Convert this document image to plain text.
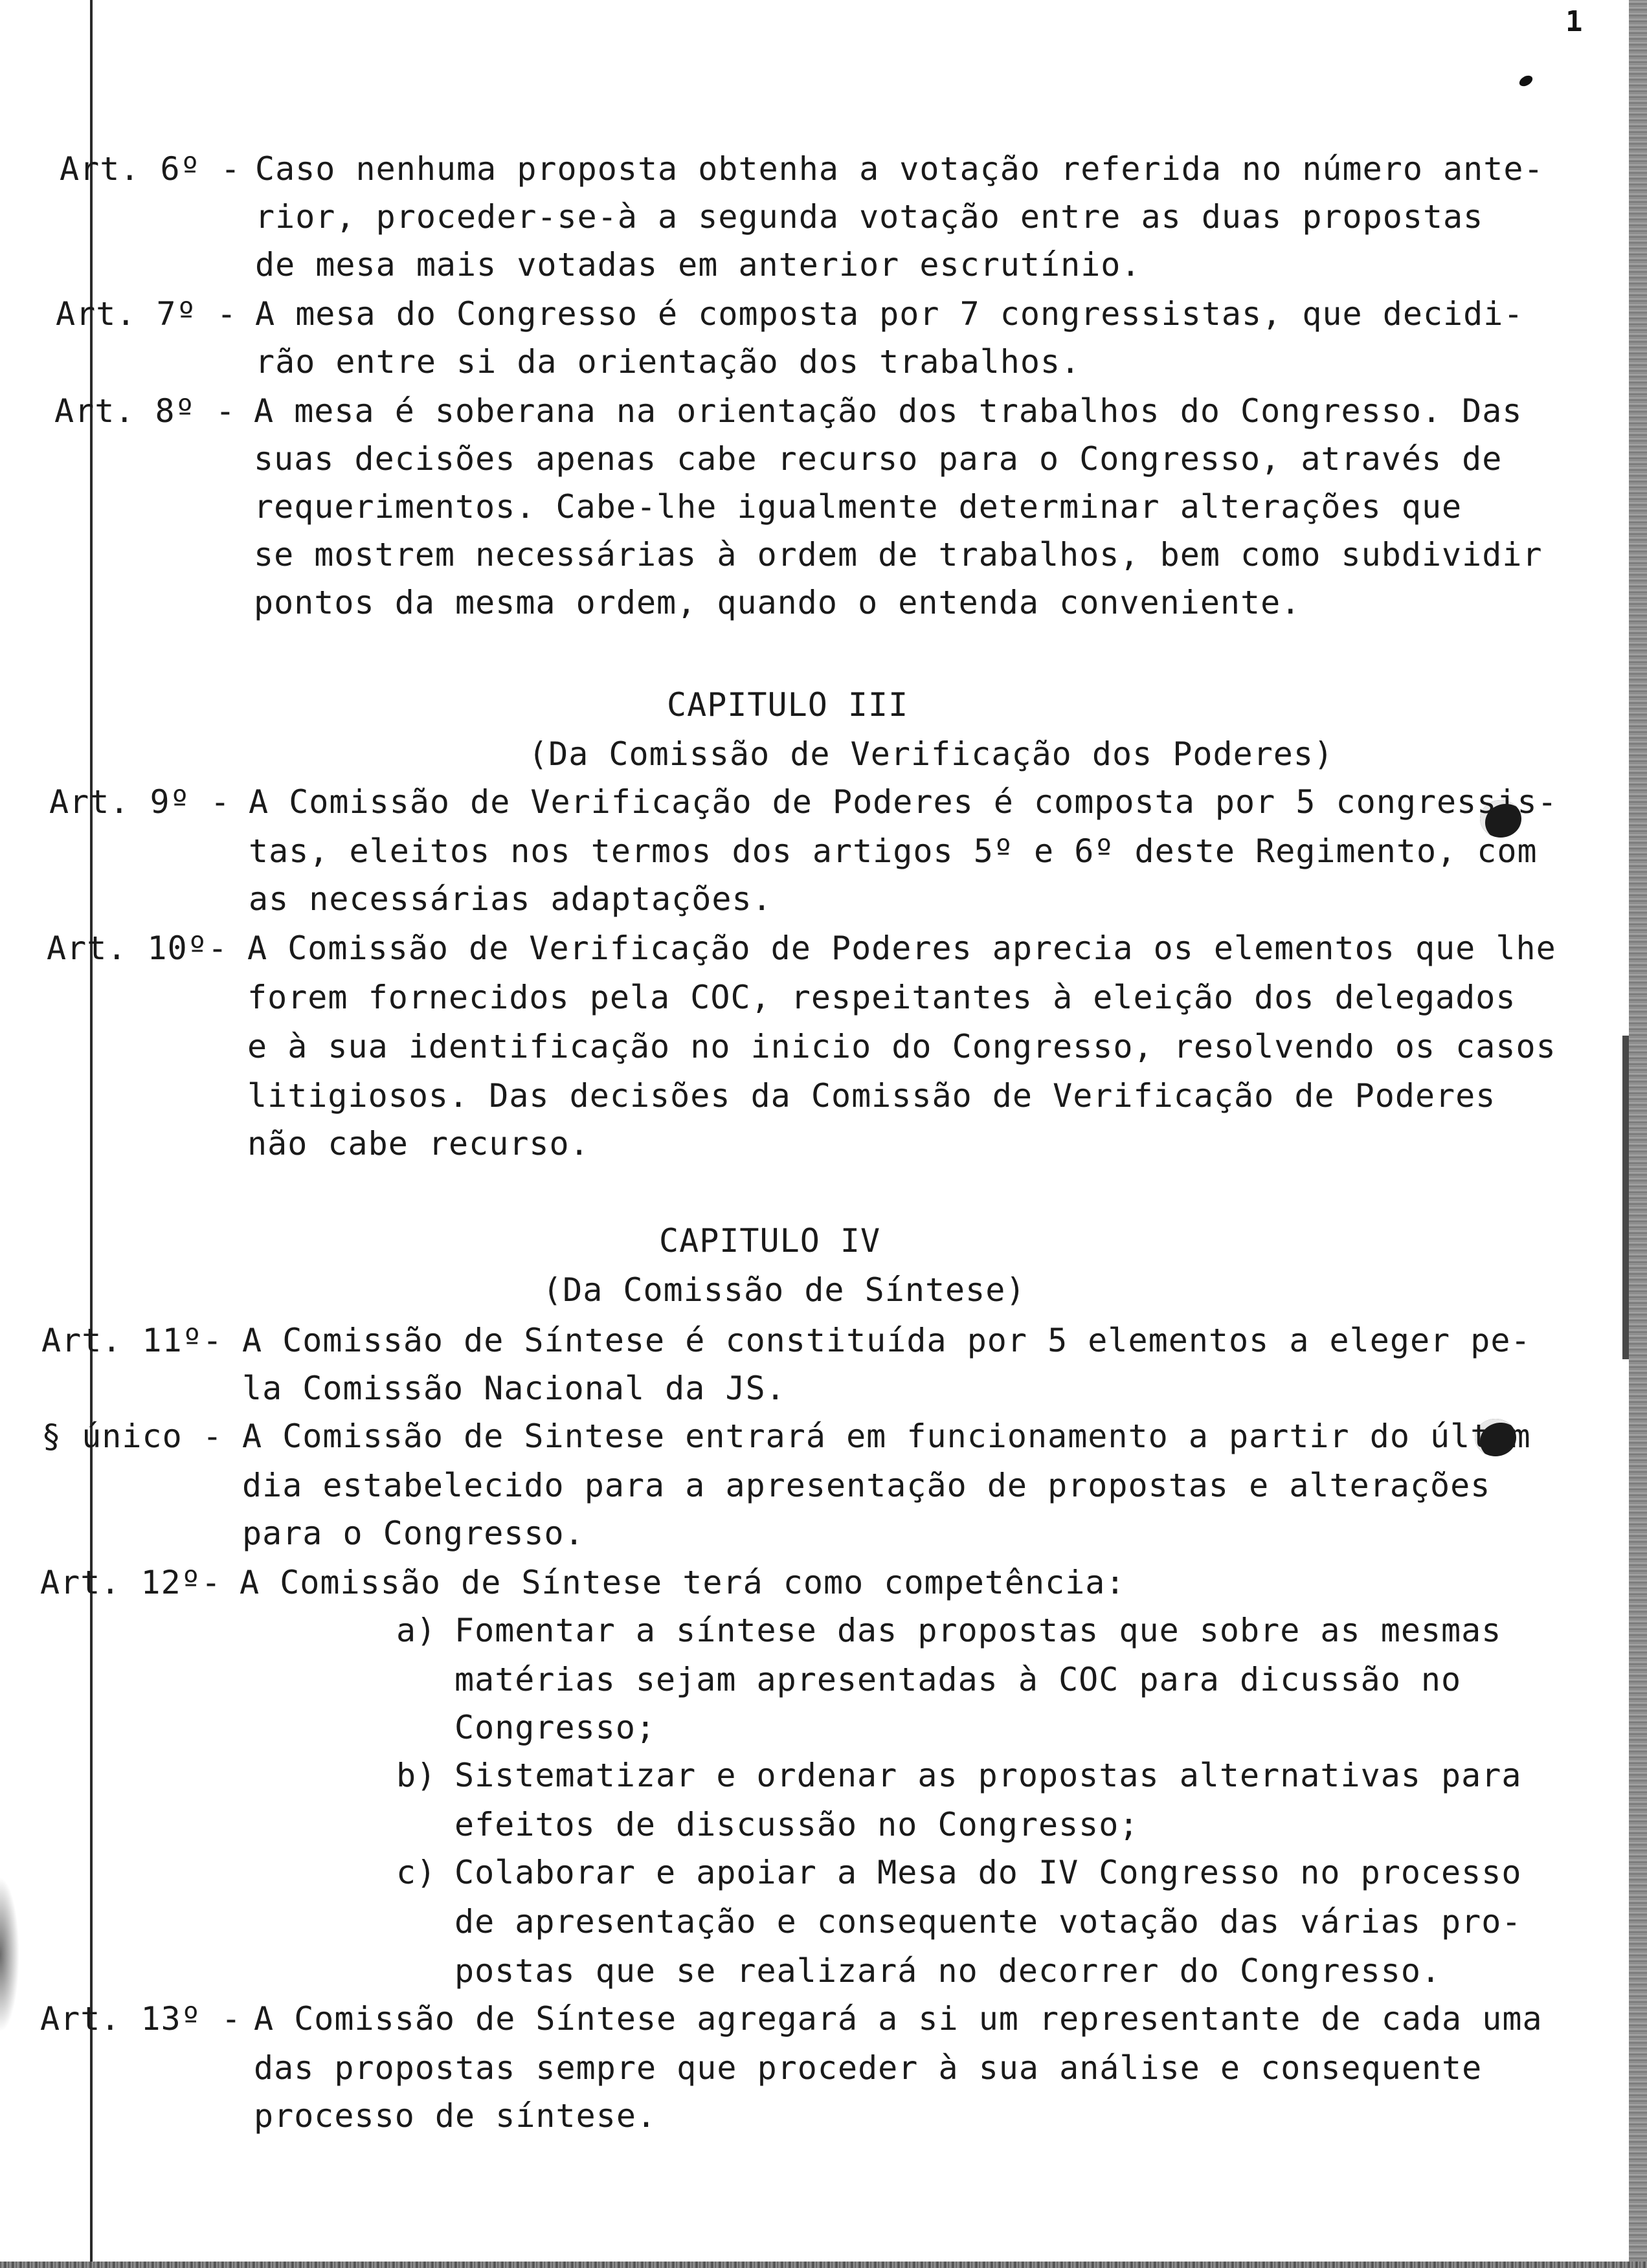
1
Art. 6º - Caso nenhuma proposta obtenha a votação referida no número ante-
rior, proceder-se-à a segunda votação entre as duas propostas
de mesa mais votadas em anterior escrutínio.
Art. 7º - A mesa do Congresso é composta por 7 congressistas, que decidi-
rão entre si da orientação dos trabalhos.
Art. 8º - A mesa é soberana na orientação dos trabalhos do Congresso. Das
suas decisões apenas cabe recurso para o Congresso, através de
requerimentos. Cabe-lhe igualmente determinar alterações que
se mostrem necessárias à ordem de trabalhos, bem como subdividir
pontos da mesma ordem, quando o entenda conveniente.
CAPITULO III
(Da Comissão de Verificação dos Poderes)
Art. 9º - A Comissão de Verificação de Poderes é composta por 5 congressis-
tas, eleitos nos termos dos artigos 5º e 6º deste Regimento, com
as necessárias adaptações.
Art. 10º- A Comissão de Verificação de Poderes aprecia os elementos que lhe
forem fornecidos pela COC, respeitantes à eleição dos delegados
e à sua identificação no inicio do Congresso, resolvendo os casos
litigiosos. Das decisões da Comissão de Verificação de Poderes
não cabe recurso.
CAPITULO IV
(Da Comissão de Síntese)
Art. 11º- A Comissão de Síntese é constituída por 5 elementos a eleger pe-
la Comissão Nacional da JS.
§ único - A Comissão de Sintese entrará em funcionamento a partir do últim
dia estabelecido para a apresentação de propostas e alterações
para o Congresso.
Art. 12º- A Comissão de Síntese terá como competência:
a) Fomentar a síntese das propostas que sobre as mesmas
matérias sejam apresentadas à COC para dicussão no
Congresso;
b) Sistematizar e ordenar as propostas alternativas para
efeitos de discussão no Congresso;
c) Colaborar e apoiar a Mesa do IV Congresso no processo
de apresentação e consequente votação das várias pro-
postas que se realizará no decorrer do Congresso.
Art. 13º - A Comissão de Síntese agregará a si um representante de cada uma
das propostas sempre que proceder à sua análise e consequente
processo de síntese.
